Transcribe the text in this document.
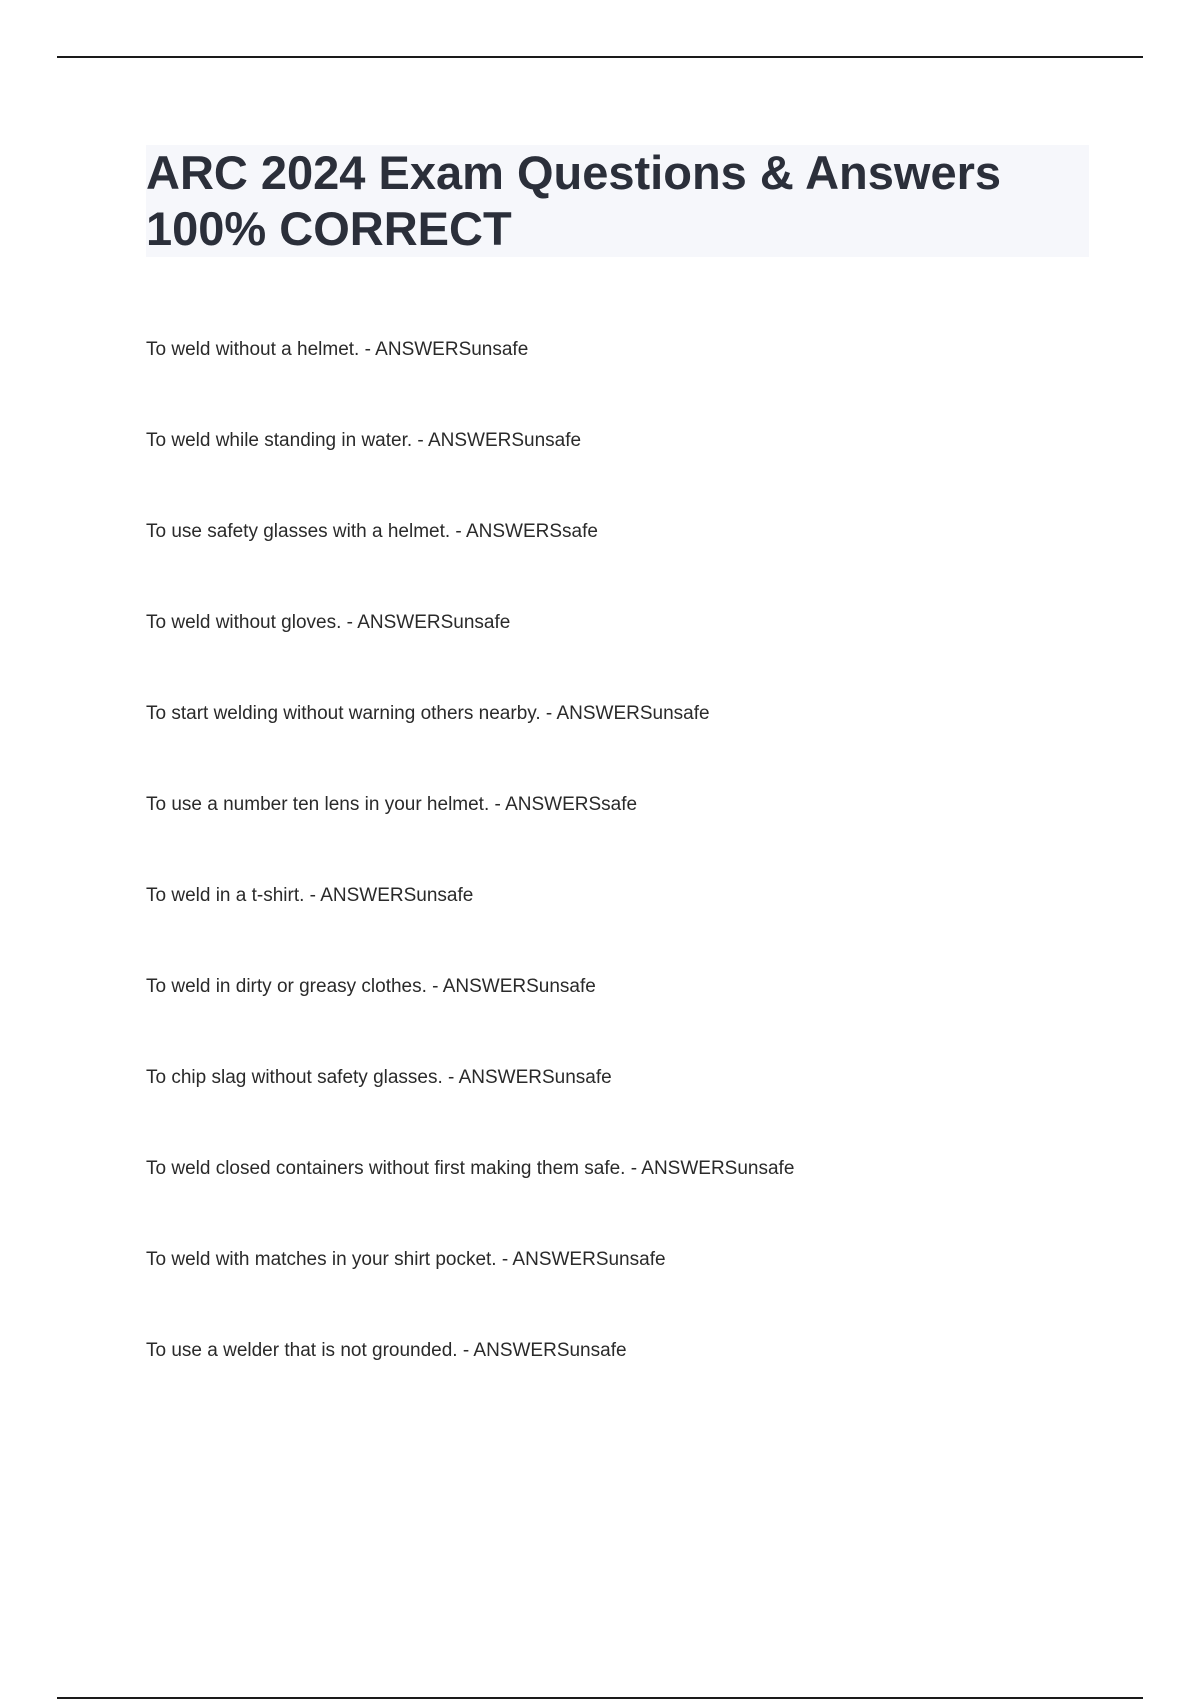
ARC 2024 Exam Questions & Answers
100% CORRECT
To weld without a helmet. - ANSWERSunsafe
To weld while standing in water. - ANSWERSunsafe
To use safety glasses with a helmet. - ANSWERSsafe
To weld without gloves. - ANSWERSunsafe
To start welding without warning others nearby. - ANSWERSunsafe
To use a number ten lens in your helmet. - ANSWERSsafe
To weld in a t-shirt. - ANSWERSunsafe
To weld in dirty or greasy clothes. - ANSWERSunsafe
To chip slag without safety glasses. - ANSWERSunsafe
To weld closed containers without first making them safe. - ANSWERSunsafe
To weld with matches in your shirt pocket. - ANSWERSunsafe
To use a welder that is not grounded. - ANSWERSunsafe
